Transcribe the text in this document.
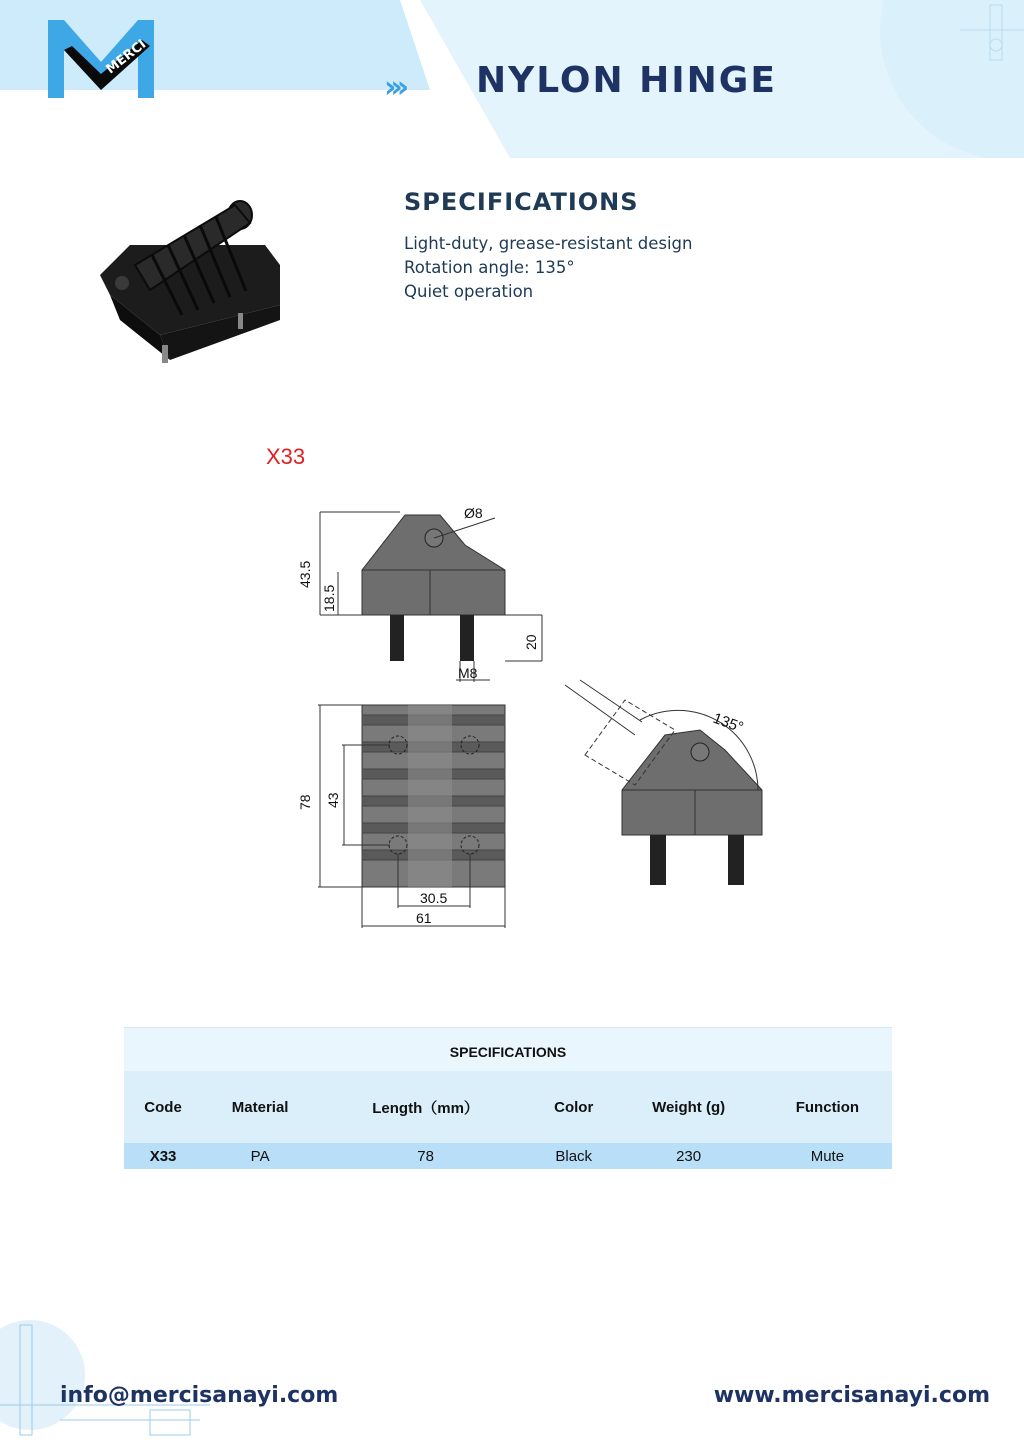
MERCI
››› NYLON HINGE
SPECIFICATIONS
Light-duty, grease-resistant design
Rotation angle: 135°
Quiet operation
X33
Ø8
43.5
18.5
20
M8
78 43
30.5
61
135°
SPECIFICATIONS					
Code	Material	Length（mm）	Color	Weight (g)	Function
X33	PA	78	Black	230	Mute
info@mercisanayi.com	www.mercisanayi.com
